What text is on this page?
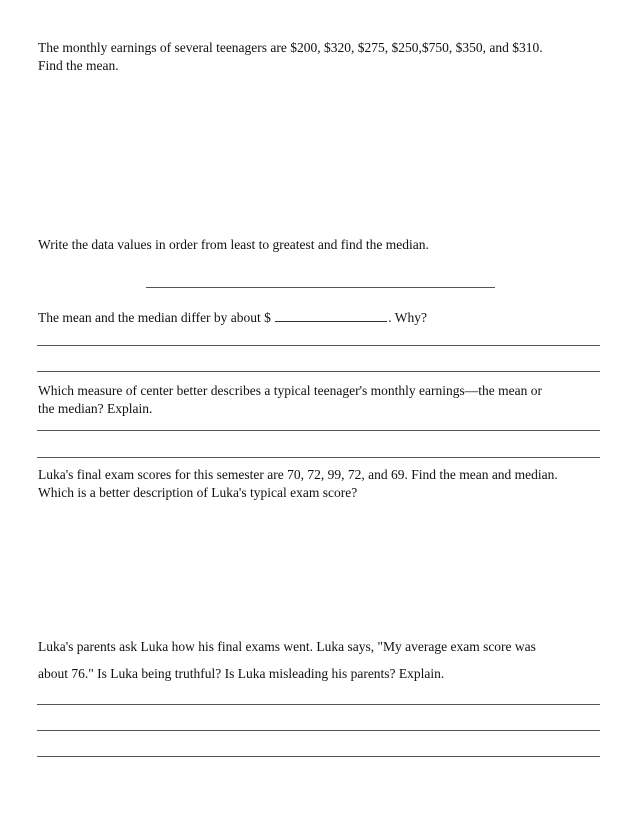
The monthly earnings of several teenagers are $200, $320, $275, $250,$750, $350, and $310.
Find the mean.
Write the data values in order from least to greatest and find the median.
The mean and the median differ by about $	. Why?
Which measure of center better describes a typical teenager's monthly earnings—the mean or
the median? Explain.
Luka's final exam scores for this semester are 70, 72, 99, 72, and 69. Find the mean and median.
Which is a better description of Luka's typical exam score?
Luka's parents ask Luka how his final exams went. Luka says, "My average exam score was
about 76." Is Luka being truthful? Is Luka misleading his parents? Explain.
